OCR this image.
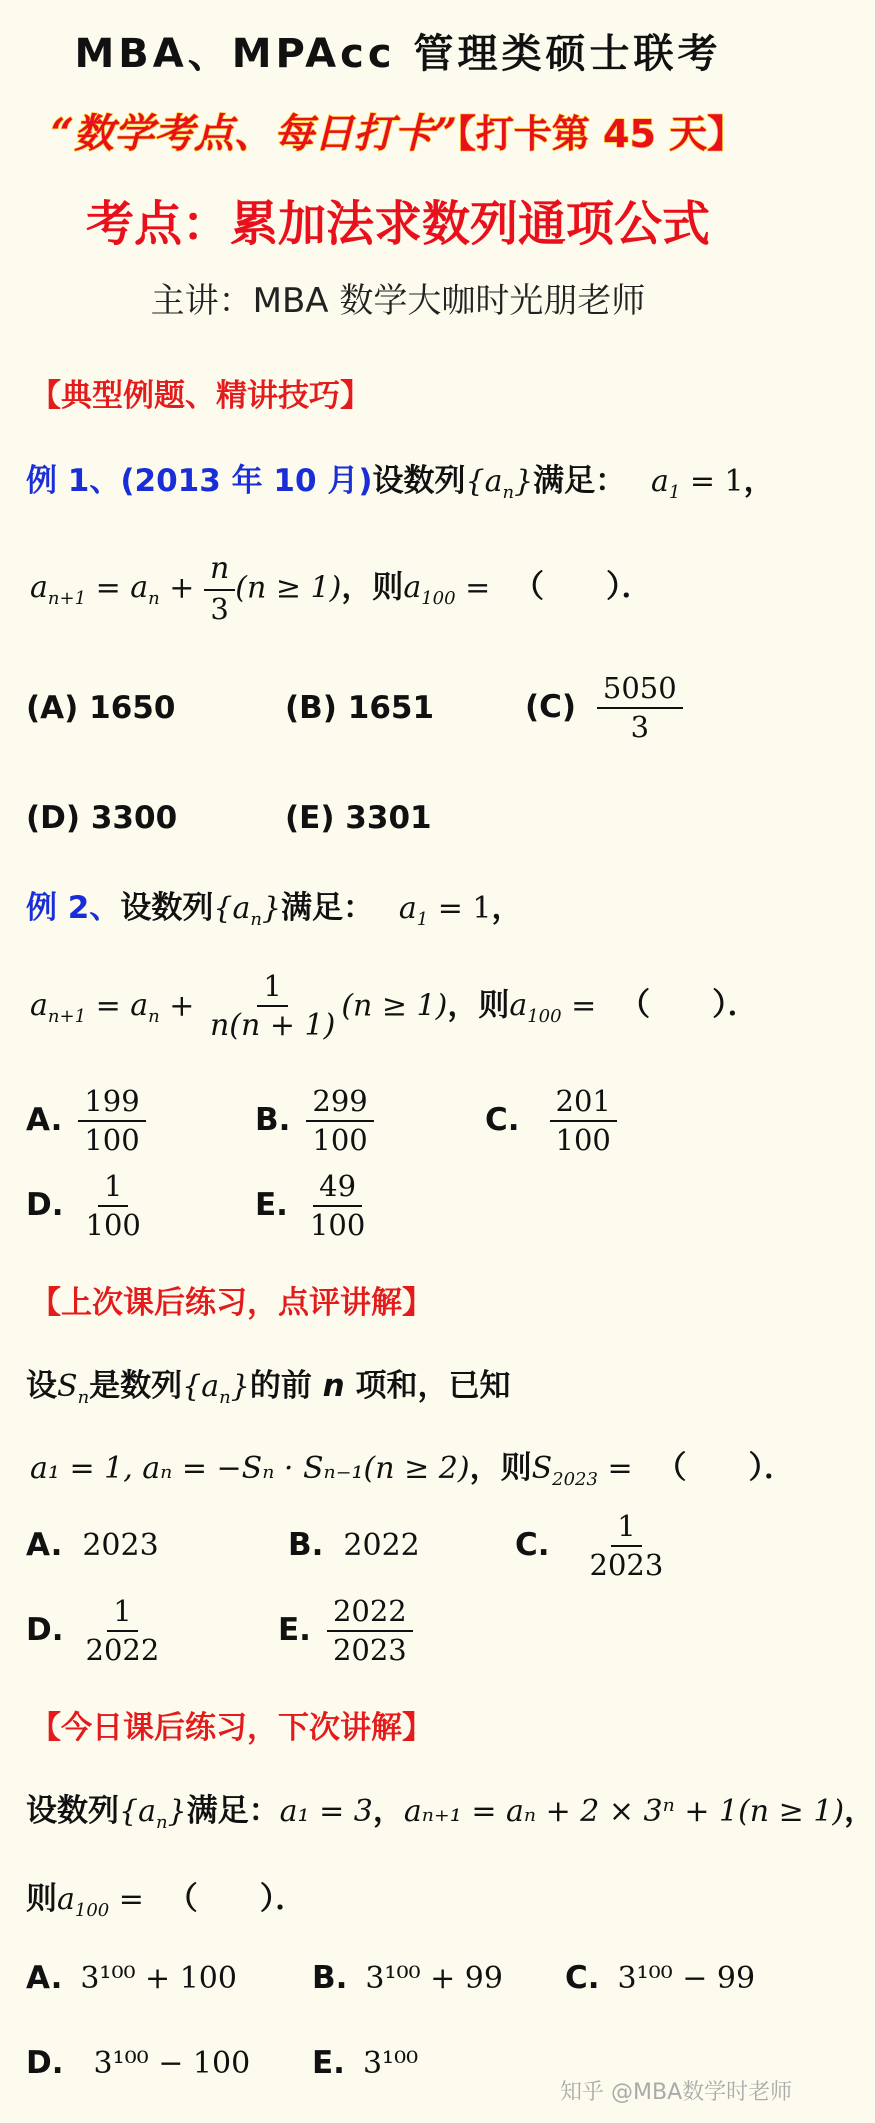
MBA、MPAcc 管理类硕士联考
“数学考点、每日打卡”【打卡第 45 天】
考点：累加法求数列通项公式
主讲：MBA 数学大咖时光朋老师
【典型例题、精讲技巧】
例 1、(2013 年 10 月)设数列$\{a_n\}$满足： $a_1 = 1$，
$a_{n+1} = a_n + \frac{n}{3} (n \ge 1)$，则$a_{100}$ = （　　）．
(A) 1650	(B) 1651	$(C) \frac{5050}{3}$
(D) 3300	(E) 3301
例 2、设数列$\{a_n\}$满足： $a_1 = 1$，
$a_{n+1} = a_n + \frac{1}{n(n + 1)} (n \ge 1)$，则$a_{100}$ = （　　）．
A. $\frac{199}{100}$	B. $\frac{299}{100}$	C. $\frac{201}{100}$
D. $\frac{1}{100}$	E. $\frac{49}{100}$
【上次课后练习，点评讲解】
设$S_n$是数列$\{a_n\}$的前 n 项和，已知
a₁ = 1, aₙ = −Sₙ · Sₙ₋₁(n ≥ 2)，则$S_{2023}$ = （　　）．
A. 2023	B. 2022	C. $\frac{1}{2023}$
D. $\frac{1}{2022}$	E. $\frac{2022}{2023}$
【今日课后练习，下次讲解】
设数列$\{a_n\}$满足：a₁ = 3，aₙ₊₁ = aₙ + 2 × 3ⁿ + 1(n ≥ 1)，
则$a_{100}$ = （　　）．
A. 3¹⁰⁰ + 100 B. 3¹⁰⁰ + 99 C. 3¹⁰⁰ − 99
D. 3¹⁰⁰ − 100 E. 3¹⁰⁰
知乎 @MBA数学时老师
